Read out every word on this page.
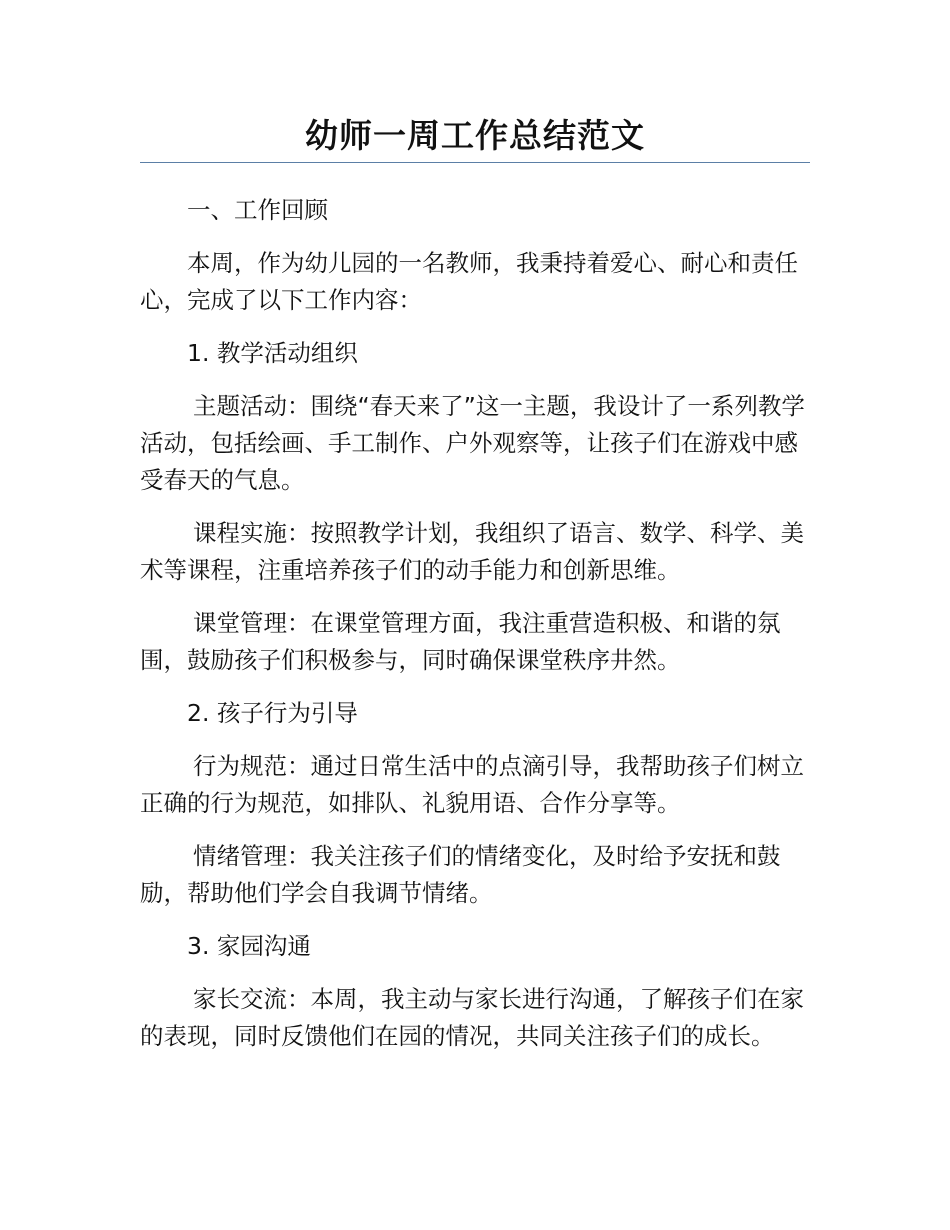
幼师一周工作总结范文

一、工作回顾

本周，作为幼儿园的一名教师，我秉持着爱心、耐心和责任心，完成了以下工作内容：

1. 教学活动组织

主题活动：围绕“春天来了”这一主题，我设计了一系列教学活动，包括绘画、手工制作、户外观察等，让孩子们在游戏中感受春天的气息。

课程实施：按照教学计划，我组织了语言、数学、科学、美术等课程，注重培养孩子们的动手能力和创新思维。

课堂管理：在课堂管理方面，我注重营造积极、和谐的氛围，鼓励孩子们积极参与，同时确保课堂秩序井然。

2. 孩子行为引导

行为规范：通过日常生活中的点滴引导，我帮助孩子们树立正确的行为规范，如排队、礼貌用语、合作分享等。

情绪管理：我关注孩子们的情绪变化，及时给予安抚和鼓励，帮助他们学会自我调节情绪。

3. 家园沟通

家长交流：本周，我主动与家长进行沟通，了解孩子们在家的表现，同时反馈他们在园的情况，共同关注孩子们的成长。
